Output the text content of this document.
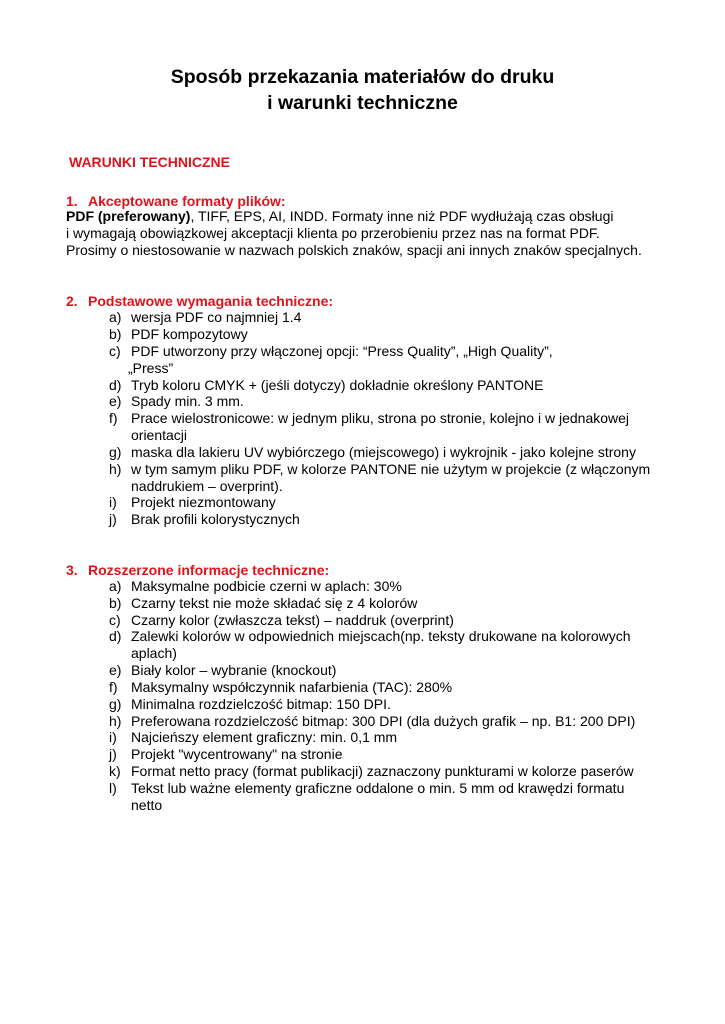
Sposób przekazania materiałów do druku
i warunki techniczne
WARUNKI TECHNICZNE
1. Akceptowane formaty plików:
PDF (preferowany), TIFF, EPS, AI, INDD. Formaty inne niż PDF wydłużają czas obsługi
i wymagają obowiązkowej akceptacji klienta po przerobieniu przez nas na format PDF.
Prosimy o niestosowanie w nazwach polskich znaków, spacji ani innych znaków specjalnych.
2. Podstawowe wymagania techniczne:
a) wersja PDF co najmniej 1.4
b) PDF kompozytowy
c) PDF utworzony przy włączonej opcji: “Press Quality”, „High Quality”,
„Press”
d) Tryb koloru CMYK + (jeśli dotyczy) dokładnie określony PANTONE
e) Spady min. 3 mm.
f) Prace wielostronicowe: w jednym pliku, strona po stronie, kolejno i w jednakowej
orientacji
g) maska dla lakieru UV wybiórczego (miejscowego) i wykrojnik - jako kolejne strony
h) w tym samym pliku PDF, w kolorze PANTONE nie użytym w projekcie (z włączonym
naddrukiem – overprint).
i) Projekt niezmontowany
j) Brak profili kolorystycznych
3. Rozszerzone informacje techniczne:
a) Maksymalne podbicie czerni w aplach: 30%
b) Czarny tekst nie może składać się z 4 kolorów
c) Czarny kolor (zwłaszcza tekst) – naddruk (overprint)
d) Zalewki kolorów w odpowiednich miejscach(np. teksty drukowane na kolorowych
aplach)
e) Biały kolor – wybranie (knockout)
f) Maksymalny współczynnik nafarbienia (TAC): 280%
g) Minimalna rozdzielczość bitmap: 150 DPI.
h) Preferowana rozdzielczość bitmap: 300 DPI (dla dużych grafik – np. B1: 200 DPI)
i) Najcieńszy element graficzny: min. 0,1 mm
j) Projekt "wycentrowany" na stronie
k) Format netto pracy (format publikacji) zaznaczony punkturami w kolorze paserów
l) Tekst lub ważne elementy graficzne oddalone o min. 5 mm od krawędzi formatu
netto
